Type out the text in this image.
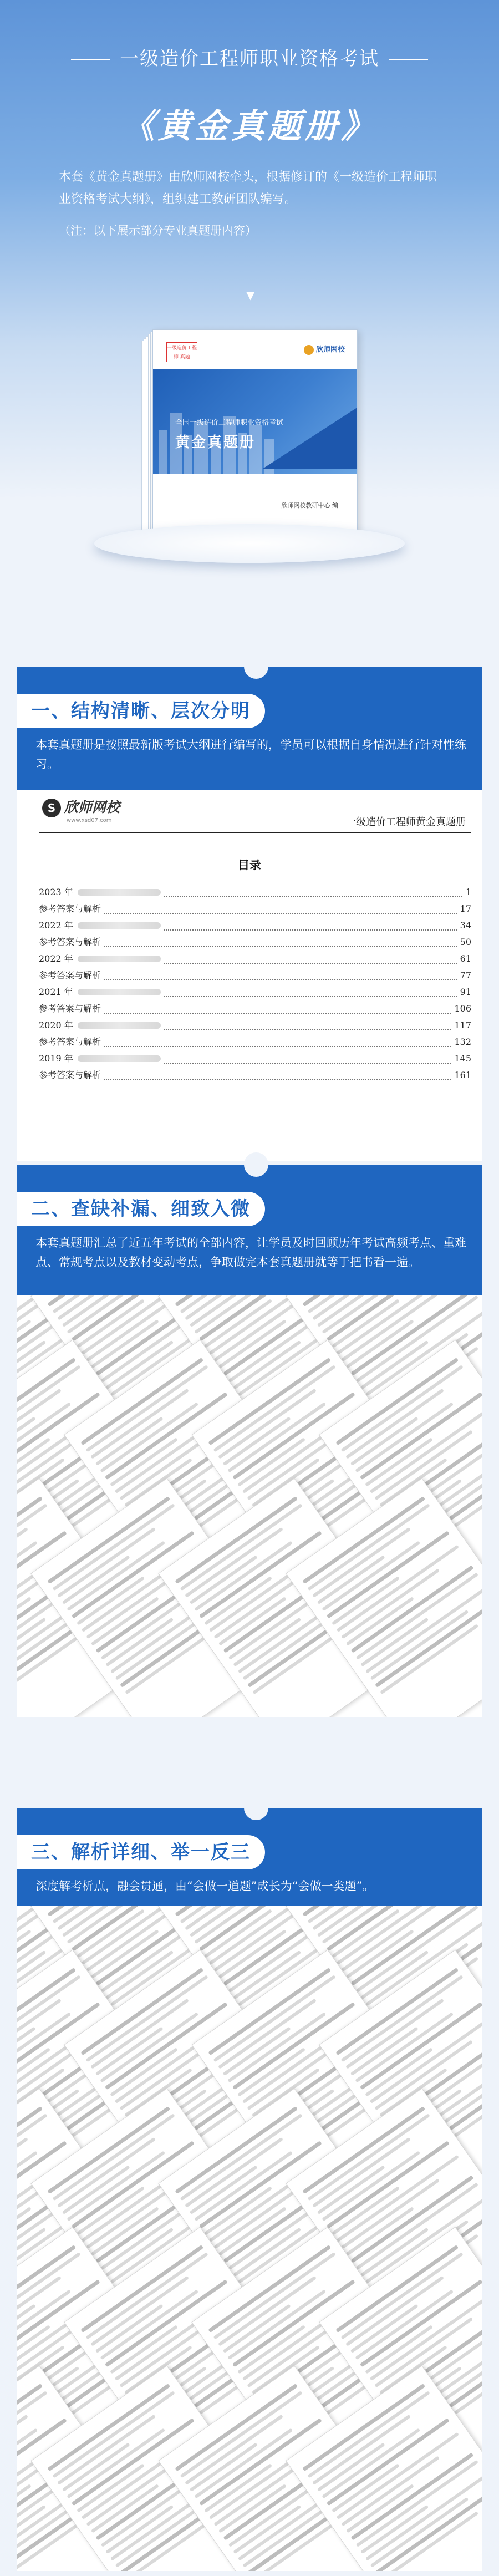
一级造价工程师职业资格考试
《黄金真题册》
本套《黄金真题册》由欣师网校牵头，根据修订的《一级造价工程师职业资格考试大纲》，组织建工教研团队编写。
（注：以下展示部分专业真题册内容）
▼
一级造价工程师 真题
欣师网校
全国一级造价工程师职业资格考试
黄金真题册
欣师网校教研中心 编
S 欣师网校
www.xsd07.com	一级造价工程师黄金真题册
目录
2023 年	1
参考答案与解析	17
2022 年	34
参考答案与解析	50
2022 年	61
参考答案与解析	77
2021 年	91
参考答案与解析	106
2020 年	117
参考答案与解析	132
2019 年	145
参考答案与解析	161
一、结构清晰、层次分明
本套真题册是按照最新版考试大纲进行编写的，学员可以根据自身情况进行针对性练习。
二、查缺补漏、细致入微
本套真题册汇总了近五年考试的全部内容，让学员及时回顾历年考试高频考点、重难点、常规考点以及教材变动考点，争取做完本套真题册就等于把书看一遍。
三、解析详细、举一反三
深度解考析点，融会贯通，由“会做一道题”成长为“会做一类题”。
